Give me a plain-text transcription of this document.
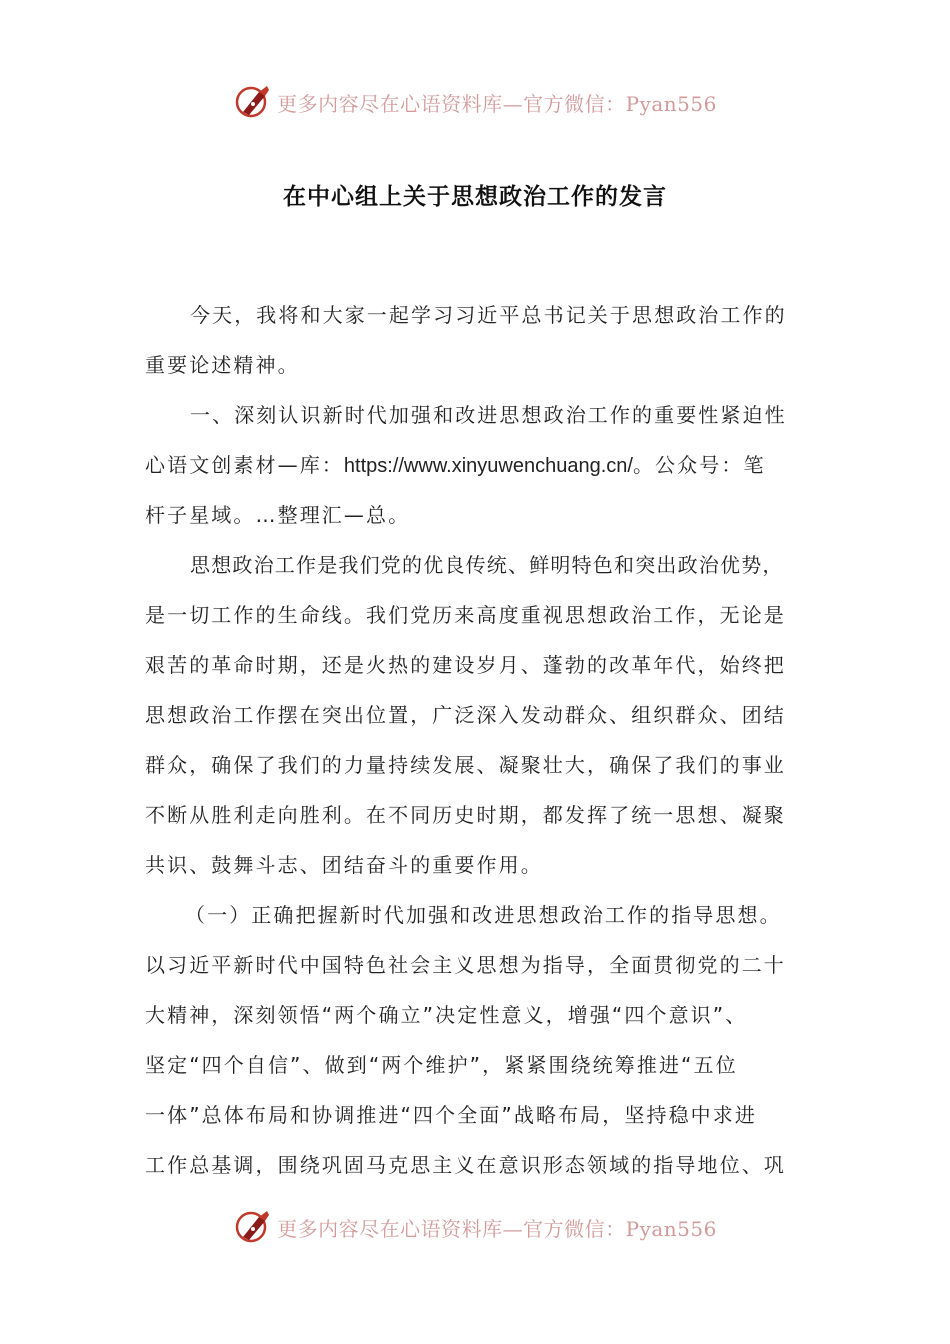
更多内容尽在心语资料库—官方微信：Pyan556
在中心组上关于思想政治工作的发言
今天，我将和大家一起学习习近平总书记关于思想政治工作的
重要论述精神。
一、深刻认识新时代加强和改进思想政治工作的重要性紧迫性
心语文创素材—库：https://www.xinyuwenchuang.cn/。公众号：笔
杆子星域。…整理汇—总。
思想政治工作是我们党的优良传统、鲜明特色和突出政治优势，
是一切工作的生命线。我们党历来高度重视思想政治工作，无论是
艰苦的革命时期，还是火热的建设岁月、蓬勃的改革年代，始终把
思想政治工作摆在突出位置，广泛深入发动群众、组织群众、团结
群众，确保了我们的力量持续发展、凝聚壮大，确保了我们的事业
不断从胜利走向胜利。在不同历史时期，都发挥了统一思想、凝聚
共识、鼓舞斗志、团结奋斗的重要作用。
（一）正确把握新时代加强和改进思想政治工作的指导思想。
以习近平新时代中国特色社会主义思想为指导，全面贯彻党的二十
大精神，深刻领悟“两个确立”决定性意义，增强“四个意识”、
坚定“四个自信”、做到“两个维护”，紧紧围绕统筹推进“五位
一体”总体布局和协调推进“四个全面”战略布局，坚持稳中求进
工作总基调，围绕巩固马克思主义在意识形态领域的指导地位、巩
更多内容尽在心语资料库—官方微信：Pyan556
